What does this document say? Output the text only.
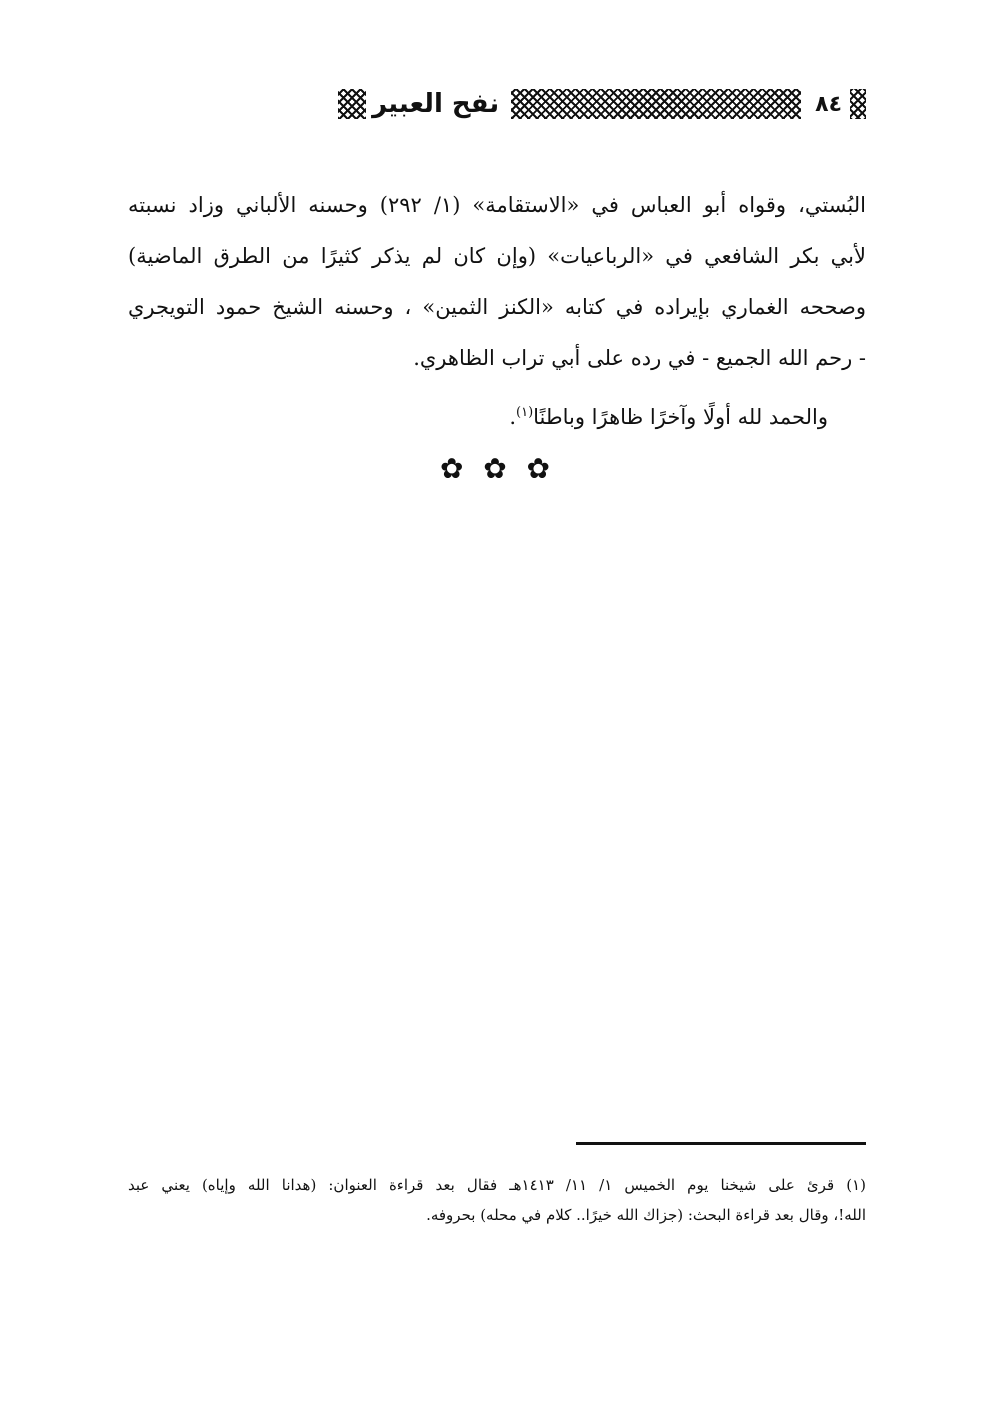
٨٤
نفح العبير
البُستي، وقواه أبو العباس في «الاستقامة» (١/ ٢٩٢) وحسنه الألباني وزاد نسبته
لأبي بكر الشافعي في «الرباعيات» (وإن كان لم يذكر كثيرًا من الطرق الماضية)
وصححه الغماري بإيراده في كتابه «الكنز الثمين» ، وحسنه الشيخ حمود التويجري
- رحم الله الجميع - في رده على أبي تراب الظاهري.
والحمد لله أولًا وآخرًا ظاهرًا وباطنًا$^{(١)}$.
✿ ✿ ✿
(١) قرئ على شيخنا يوم الخميس ١/ ١١/ ١٤١٣هـ فقال بعد قراءة العنوان: (هدانا الله وإياه) يعني عبد
الله!، وقال بعد قراءة البحث: (جزاك الله خيرًا.. كلام في محله) بحروفه.
